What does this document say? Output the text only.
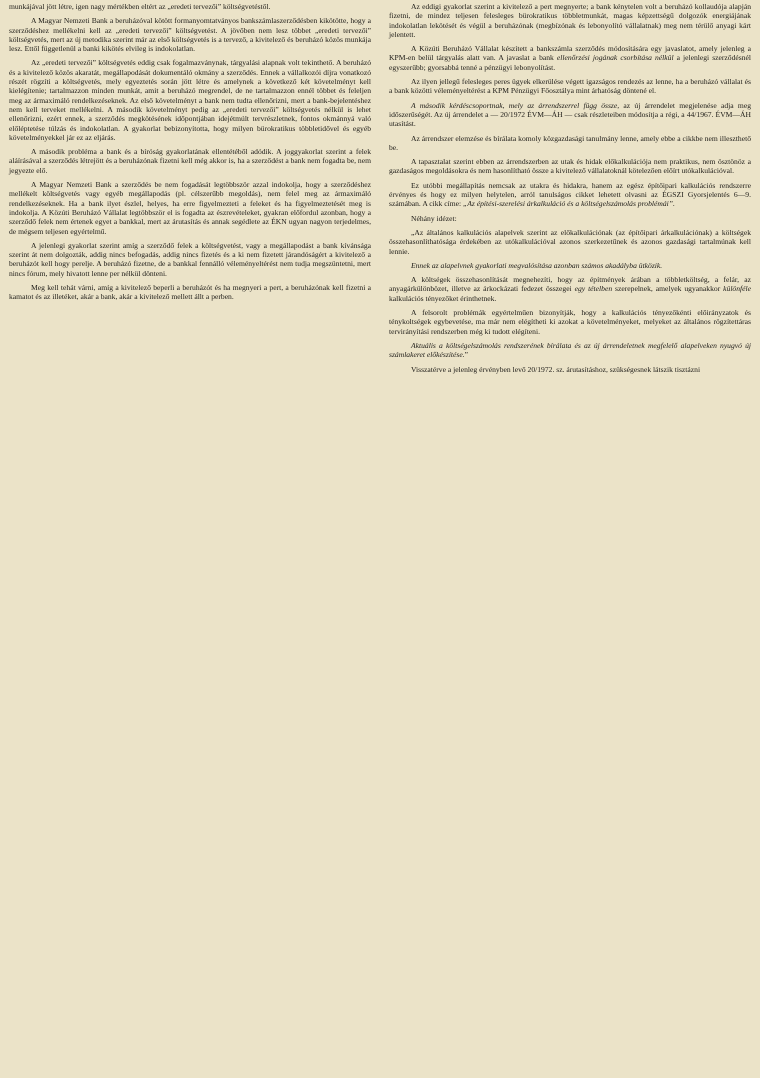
munkájával jött létre, igen nagy mértékben eltért az „eredeti tervezői” költségvetéstől.

A Magyar Nemzeti Bank a beruházóval kötött formanyomtatványos bankszámlaszerződésben kikötötte, hogy a szerződéshez mellékelni kell az „eredeti tervezői” költségvetést. A jövőben nem lesz többet „eredeti tervezői” költségvetés, mert az új metodika szerint már az első költségvetés is a tervező, a kivitelező és beruházó közös munkája lesz. Ettől függetlenül a banki kikötés elvileg is indokolatlan.

Az „eredeti tervezői” költségvetés eddig csak fogalmazványnak, tárgyalási alapnak volt tekinthető. A beruházó és a kivitelező közös akaratát, megállapodását dokumentáló okmány a szerződés. Ennek a vállalkozói díjra vonatkozó részét rögzíti a költségvetés, mely egyeztetés során jött létre és amelynek a következő két követelményt kell kielégítenie; tartalmazzon minden munkát, amit a beruházó megrendel, de ne tartalmazzon ennél többet és feleljen meg az ármaximáló rendelkezéseknek. Az első követelményt a bank nem tudta ellenőrizni, mert a bank-bejelentéshez nem kell terveket mellékelni. A második követelményt pedig az „eredeti tervezői” költségvetés nélkül is lehet ellenőrizni, ezért ennek, a szerződés megkötésének időpontjában idejétmúlt tervrészletnek, fontos okmánnyá való előléptetése túlzás és indokolatlan. A gyakorlat bebizonyította, hogy milyen bürokratikus többletidővel és egyéb követelményekkel jár ez az eljárás.

A második probléma a bank és a bíróság gyakorlatának ellentétéből adódik. A joggyakorlat szerint a felek aláírásával a szerződés létrejött és a beruházónak fizetni kell még akkor is, ha a szerződést a bank nem fogadta be, nem jegyezte elő.

A Magyar Nemzeti Bank a szerződés be nem fogadását legtöbbször azzal indokolja, hogy a szerződéshez mellékelt költségvetés vagy egyéb megállapodás (pl. célszerűbb megoldás), nem felel meg az ármaximáló rendelkezéseknek. Ha a bank ilyet észlel, helyes, ha erre figyelmezteti a feleket és ha figyelmeztetését meg is indokolja. A Közúti Beruházó Vállalat legtöbbször el is fogadta az észrevételeket, gyakran előfordul azonban, hogy a szerződő felek nem értenek egyet a bankkal, mert az árutasítás és annak segédlete az ÉKN ugyan nagyon terjedelmes, de mégsem teljesen egyértelmű.

A jelenlegi gyakorlat szerint amíg a szerződő felek a költségvetést, vagy a megállapodást a bank kívánsága szerint át nem dolgozták, addig nincs befogadás, addig nincs fizetés és a ki nem fizetett járandóságért a kivitelező a beruházót kell hogy perelje. A beruházó fizetne, de a bankkal fennálló véleményeltérést nem tudja megszüntetni, mert nincs fórum, mely hivatott lenne per nélkül dönteni.

Meg kell tehát várni, amíg a kivitelező beperli a beruházót és ha megnyeri a pert, a beruházónak kell fizetni a kamatot és az illetéket, akár a bank, akár a kivitelező mellett állt a perben.

Az eddigi gyakorlat szerint a kivitelező a pert megnyerte; a bank kénytelen volt a beruházó kollaudója alapján fizetni, de mindez teljesen felesleges bürokratikus többletmunkát, magas képzettségű dolgozók energiájának indokolatlan lekötését és végül a beruházónak (megbízónak és lebonyolító vállalatnak) meg nem térülő anyagi kárt jelentett.

A Közúti Beruházó Vállalat készített a bankszámla szerződés módosítására egy javaslatot, amely jelenleg a KPM-en belül tárgyalás alatt van. A javaslat a bank ellenőrzési jogának csorbítása nélkül a jelenlegi szerződésnél egyszerűbb; gyorsabbá tenné a pénzügyi lebonyolítást.

Az ilyen jellegű felesleges peres ügyek elkerülése végett igazságos rendezés az lenne, ha a beruházó vállalat és a bank közötti véleményeltérést a KPM Pénzügyi Főosztálya mint árhatóság döntené el.

A második kérdéscsoportnak, mely az árrendszerrel függ össze, az új árrendelet megjelenése adja meg időszerűségét. Az új árrendelet a — 20/1972 ÉVM—ÁH — csak részleteiben módosítja a régi, a 44/1967. ÉVM—ÁH utasítást.

Az árrendszer elemzése és bírálata komoly közgazdasági tanulmány lenne, amely ebbe a cikkbe nem illeszthető be.

A tapasztalat szerint ebben az árrendszerben az utak és hidak előkalkulációja nem praktikus, nem ösztönöz a gazdaságos megoldásokra és nem hasonlítható össze a kivitelező vállalatoknál kötelezően előírt utókalkulációval.

Ez utóbbi megállapítás nemcsak az utakra és hidakra, hanem az egész építőipari kalkulációs rendszerre érvényes és hogy ez milyen helytelen, arról tanulságos cikket lehetett olvasni az ÉGSZI Gyorsjelentés 6—9. számában. A cikk címe: „Az építési-szerelési árkalkuláció és a költségelszámolás problémái”.

Néhány idézet:

„Az általános kalkulációs alapelvek szerint az előkalkulációnak (az építőipari árkalkulációnak) a költségek összehasonlíthatósága érdekében az utókalkulációval azonos szerkezetűnek és azonos gazdasági tartalmúnak kell lennie.

Ennek az alapelvnek gyakorlati megvalósítása azonban számos akadályba ütközik.

A költségek összehasonlítását megnehezíti, hogy az építmények árában a többletköltség, a felár, az anyagárkülönbözet, illetve az árkockázati fedezet összegei egy tételben szerepelnek, amelyek ugyanakkor különféle kalkulációs tényezőket érinthetnek.

A felsorolt problémák egyértelműen bizonyítják, hogy a kalkulációs tényezőkénti előirányzatok és ténykoltségek egybevetése, ma már nem elégítheti ki azokat a követelményeket, melyeket az általános rögzítettáras tervirányítási rendszerben még ki tudott elégíteni.

Aktuális a költségelszámolás rendszerének bírálata és az új árrendeletnek megfelelő alapelveken nyugvó új számlakeret előkészítése.”

Visszatérve a jelenleg érvényben levő 20/1972. sz. árutasításhoz, szükségesnek látszik tisztázni
